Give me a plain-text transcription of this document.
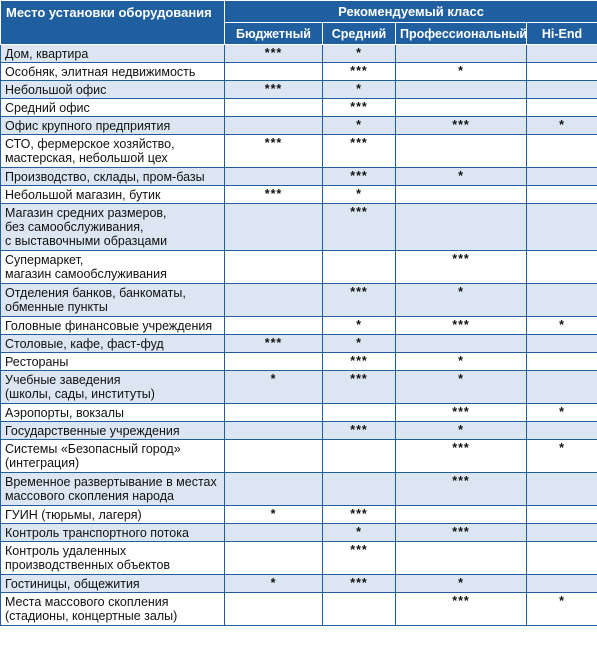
Место установки оборудования	Рекомендуемый класс			
	Бюджетный	Средний	Профессиональный	Hi-End
Дом, квартира	***	*		
Особняк, элитная недвижимость		***	*	
Небольшой офис	***	*		
Средний офис		***		
Офис крупного предприятия		*	***	*
СТО, фермерское хозяйство,
мастерская, небольшой цех	***	***		
Производство, склады, пром-базы		***	*	
Небольшой магазин, бутик	***	*		
Магазин средних размеров,
без самообслуживания,
с выставочными образцами		***		
Супермаркет,
магазин самообслуживания			***	
Отделения банков, банкоматы,
обменные пункты		***	*	
Головные финансовые учреждения		*	***	*
Столовые, кафе, фаст-фуд	***	*		
Рестораны		***	*	
Учебные заведения
(школы, сады, институты)	*	***	*	
Аэропорты, вокзалы			***	*
Государственные учреждения		***	*	
Системы «Безопасный город»
(интеграция)			***	*
Временное развертывание в местах
массового скопления народа			***	
ГУИН (тюрьмы, лагеря)	*	***		
Контроль транспортного потока		*	***	
Контроль удаленных
производственных объектов		***		
Гостиницы, общежития	*	***	*	
Места массового скопления
(стадионы, концертные залы)			***	*
